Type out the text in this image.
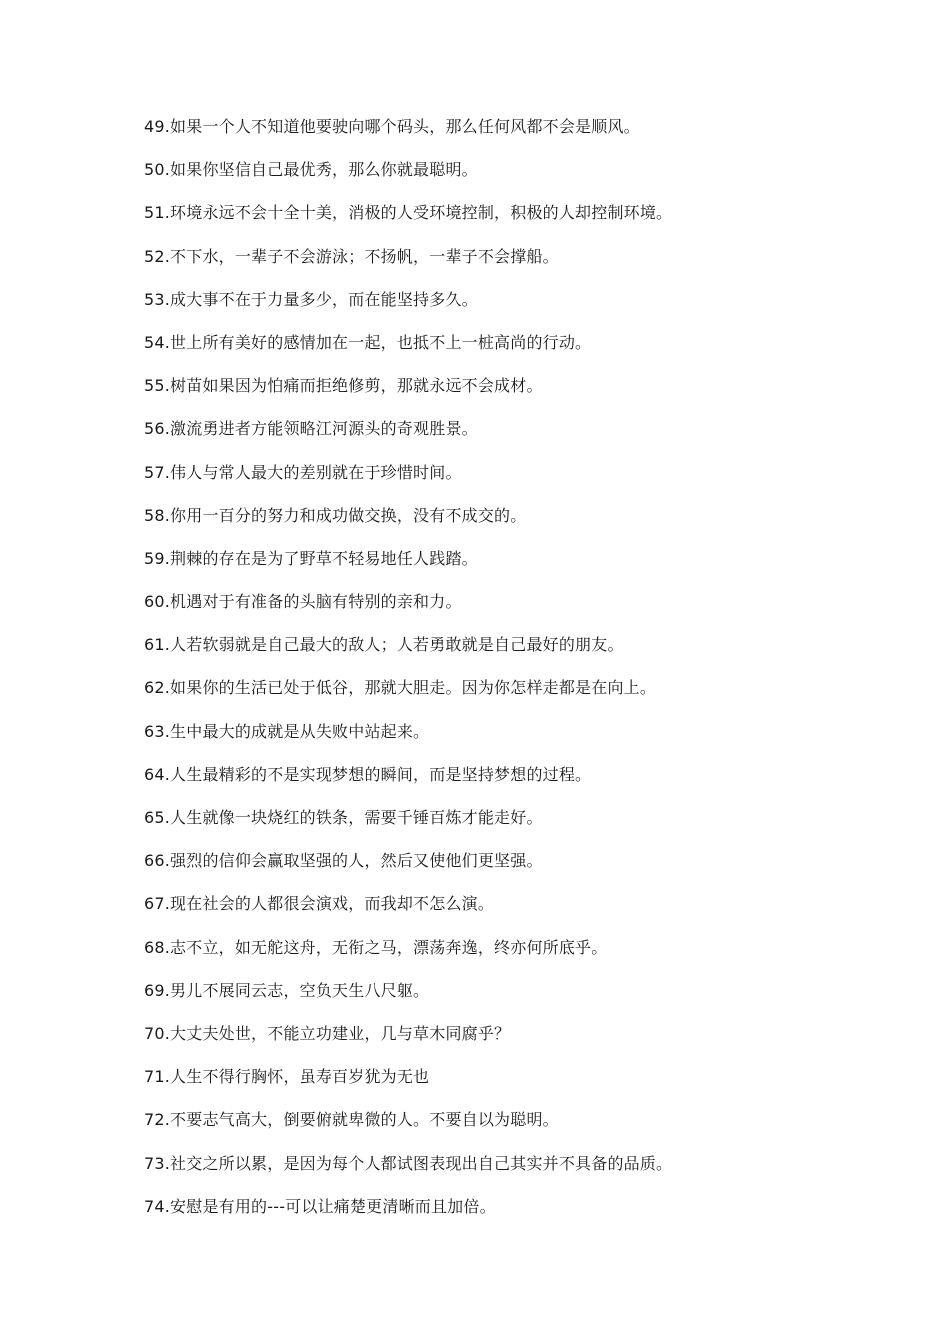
49.如果一个人不知道他要驶向哪个码头，那么任何风都不会是顺风。
50.如果你坚信自己最优秀，那么你就最聪明。
51.环境永远不会十全十美，消极的人受环境控制，积极的人却控制环境。
52.不下水，一辈子不会游泳；不扬帆，一辈子不会撑船。
53.成大事不在于力量多少，而在能坚持多久。
54.世上所有美好的感情加在一起，也抵不上一桩高尚的行动。
55.树苗如果因为怕痛而拒绝修剪，那就永远不会成材。
56.激流勇进者方能领略江河源头的奇观胜景。
57.伟人与常人最大的差别就在于珍惜时间。
58.你用一百分的努力和成功做交换，没有不成交的。
59.荆棘的存在是为了野草不轻易地任人践踏。
60.机遇对于有准备的头脑有特别的亲和力。
61.人若软弱就是自己最大的敌人；人若勇敢就是自己最好的朋友。
62.如果你的生活已处于低谷，那就大胆走。因为你怎样走都是在向上。
63.生中最大的成就是从失败中站起来。
64.人生最精彩的不是实现梦想的瞬间，而是坚持梦想的过程。
65.人生就像一块烧红的铁条，需要千锤百炼才能走好。
66.强烈的信仰会赢取坚强的人，然后又使他们更坚强。
67.现在社会的人都很会演戏，而我却不怎么演。
68.志不立，如无舵这舟，无衔之马，漂荡奔逸，终亦何所底乎。
69.男儿不展同云志，空负天生八尺躯。
70.大丈夫处世，不能立功建业，几与草木同腐乎？
71.人生不得行胸怀，虽寿百岁犹为无也
72.不要志气高大，倒要俯就卑微的人。不要自以为聪明。
73.社交之所以累，是因为每个人都试图表现出自己其实并不具备的品质。
74.安慰是有用的---可以让痛楚更清晰而且加倍。
